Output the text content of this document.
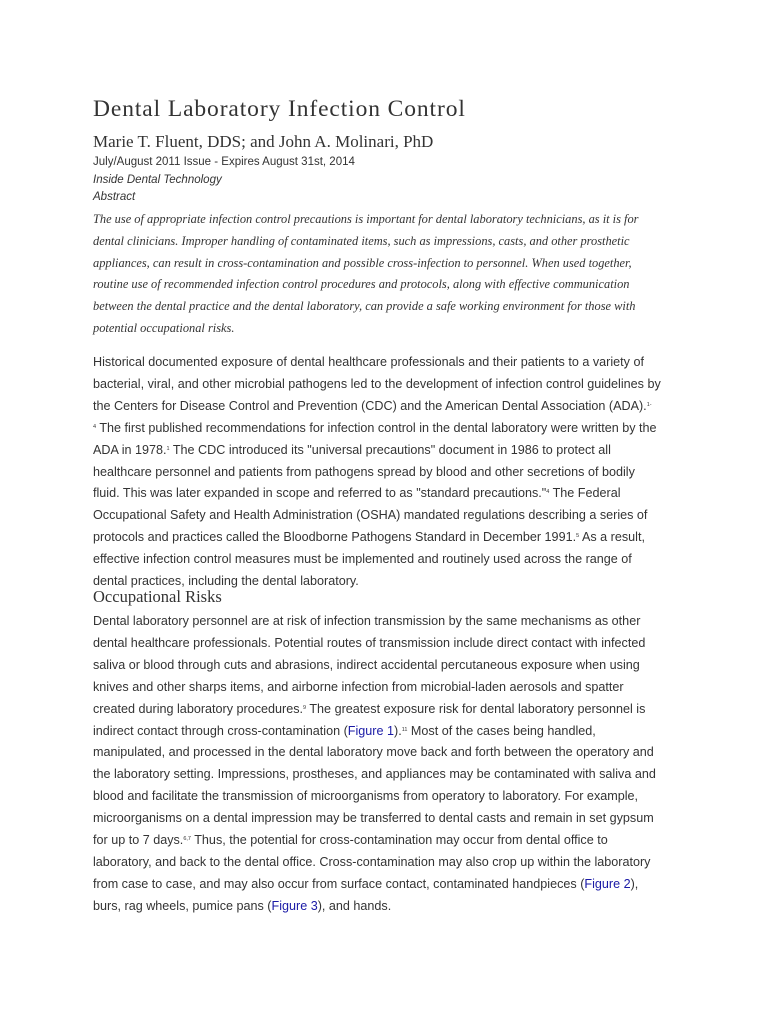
Dental Laboratory Infection Control

Marie T. Fluent, DDS; and John A. Molinari, PhD

July/August 2011 Issue - Expires August 31st, 2014
Inside Dental Technology
Abstract

The use of appropriate infection control precautions is important for dental laboratory technicians, as it is for
dental clinicians. Improper handling of contaminated items, such as impressions, casts, and other prosthetic
appliances, can result in cross-contamination and possible cross-infection to personnel. When used together,
routine use of recommended infection control procedures and protocols, along with effective communication
between the dental practice and the dental laboratory, can provide a safe working environment for those with
potential occupational risks.

Historical documented exposure of dental healthcare professionals and their patients to a variety of
bacterial, viral, and other microbial pathogens led to the development of infection control guidelines by
the Centers for Disease Control and Prevention (CDC) and the American Dental Association (ADA).$^{1-}$
$^4$ The first published recommendations for infection control in the dental laboratory were written by the
ADA in 1978.$^1$ The CDC introduced its "universal precautions" document in 1986 to protect all
healthcare personnel and patients from pathogens spread by blood and other secretions of bodily
fluid. This was later expanded in scope and referred to as "standard precautions."$^4$ The Federal
Occupational Safety and Health Administration (OSHA) mandated regulations describing a series of
protocols and practices called the Bloodborne Pathogens Standard in December 1991.$^5$ As a result,
effective infection control measures must be implemented and routinely used across the range of
dental practices, including the dental laboratory.

Occupational Risks

Dental laboratory personnel are at risk of infection transmission by the same mechanisms as other
dental healthcare professionals. Potential routes of transmission include direct contact with infected
saliva or blood through cuts and abrasions, indirect accidental percutaneous exposure when using
knives and other sharps items, and airborne infection from microbial-laden aerosols and spatter
created during laboratory procedures.$^9$ The greatest exposure risk for dental laboratory personnel is
indirect contact through cross-contamination (Figure 1).$^{11}$ Most of the cases being handled,
manipulated, and processed in the dental laboratory move back and forth between the operatory and
the laboratory setting. Impressions, prostheses, and appliances may be contaminated with saliva and
blood and facilitate the transmission of microorganisms from operatory to laboratory. For example,
microorganisms on a dental impression may be transferred to dental casts and remain in set gypsum
for up to 7 days.$^{6,7}$ Thus, the potential for cross-contamination may occur from dental office to
laboratory, and back to the dental office. Cross-contamination may also crop up within the laboratory
from case to case, and may also occur from surface contact, contaminated handpieces (Figure 2),
burs, rag wheels, pumice pans (Figure 3), and hands.
